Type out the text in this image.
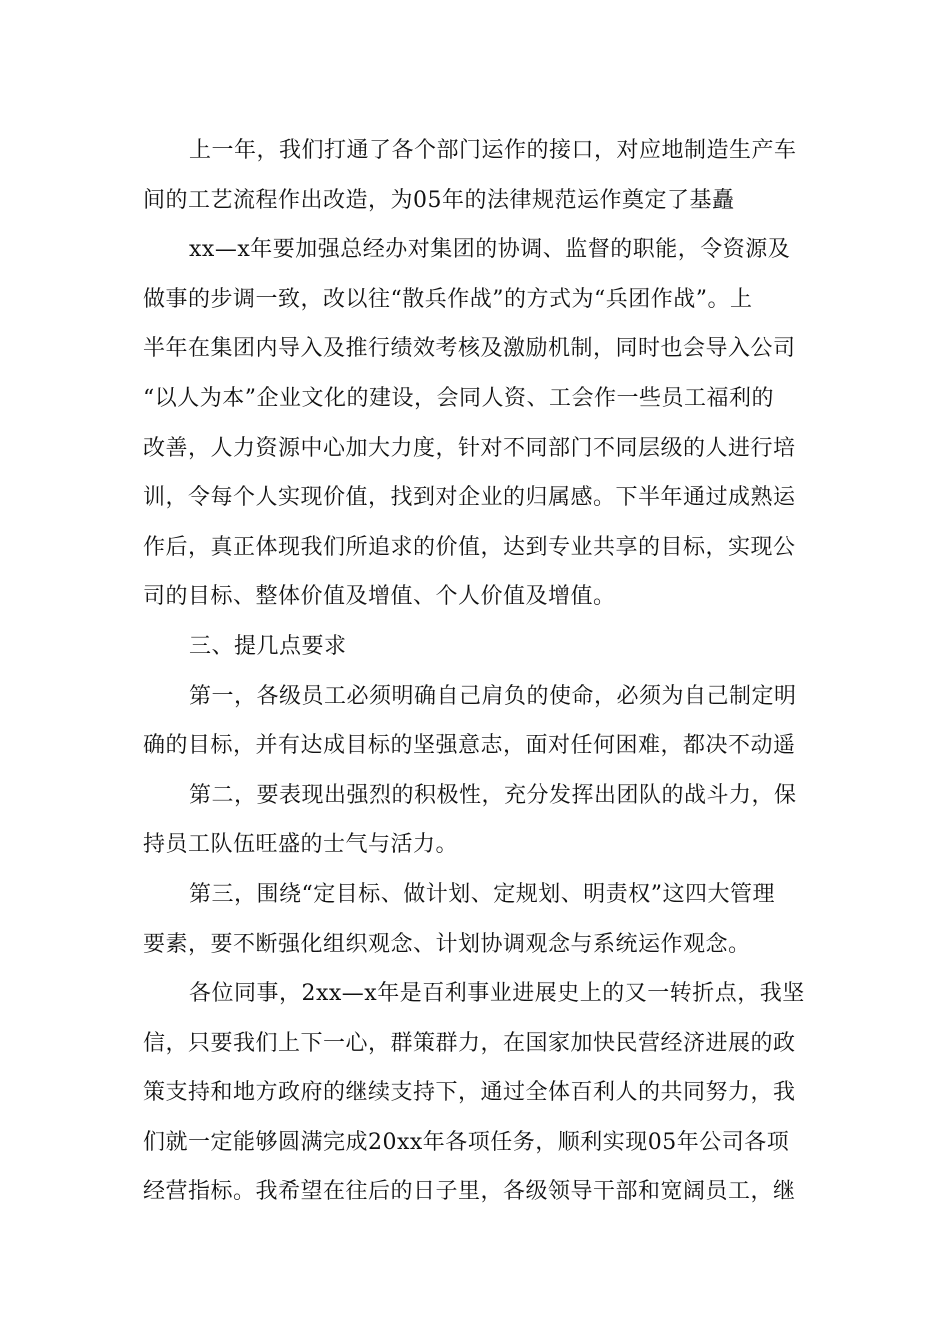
上一年，我们打通了各个部门运作的接口，对应地制造生产车
间的工艺流程作出改造，为05年的法律规范运作奠定了基矗

xx—x年要加强总经办对集团的协调、监督的职能，令资源及
做事的步调一致，改以往“散兵作战”的方式为“兵团作战”。上
半年在集团内导入及推行绩效考核及激励机制，同时也会导入公司
“以人为本”企业文化的建设，会同人资、工会作一些员工福利的
改善，人力资源中心加大力度，针对不同部门不同层级的人进行培
训，令每个人实现价值，找到对企业的归属感。下半年通过成熟运
作后，真正体现我们所追求的价值，达到专业共享的目标，实现公
司的目标、整体价值及增值、个人价值及增值。

三、提几点要求

第一，各级员工必须明确自己肩负的使命，必须为自己制定明
确的目标，并有达成目标的坚强意志，面对任何困难，都决不动遥

第二，要表现出强烈的积极性，充分发挥出团队的战斗力，保
持员工队伍旺盛的士气与活力。

第三，围绕“定目标、做计划、定规划、明责权”这四大管理
要素，要不断强化组织观念、计划协调观念与系统运作观念。

各位同事，2xx—x年是百利事业进展史上的又一转折点，我坚
信，只要我们上下一心，群策群力，在国家加快民营经济进展的政
策支持和地方政府的继续支持下，通过全体百利人的共同努力，我
们就一定能够圆满完成20xx年各项任务，顺利实现05年公司各项
经营指标。我希望在往后的日子里，各级领导干部和宽阔员工，继
